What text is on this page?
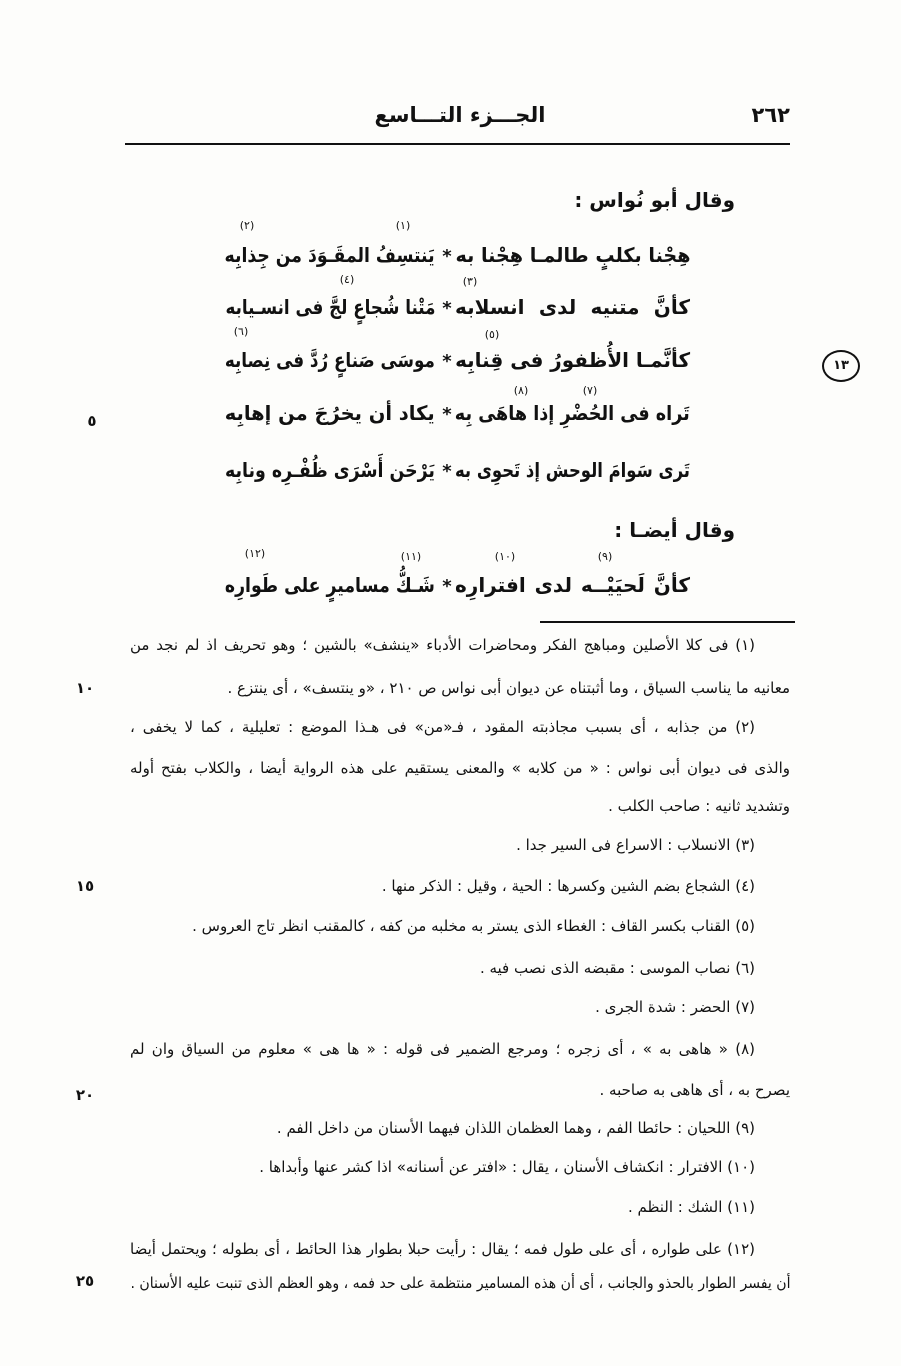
٢٦٢
الجـــزء التـــاسع
١٣
وقال أبو نُواس :
(١)
(٢)
هِجْنا بكلبٍ طالمـا هِجْنا به
*
يَنتسِفُ المقَـوَدَ من جِذابِه
(٣)
(٤)
كأنَّ متنيه لدى انسلابه
*
مَتْنا شُجاعٍ لجَّ فى انسـيابه
(٥)
(٦)
كأنَّمـا الأُظفورُ فى قِنابِه
*
موسَى صَناعٍ رُدَّ فى نِصابِه
(٧)
(٨)
تَراه فى الحُضْرِ إذا هاهَى بِه
*
يكاد أن يخرُجَ من إهابِه
تَرى سَوامَ الوحش إذ تَحوِى به
*
يَرْحَن أَسْرَى ظُفْـرِه ونابِه
وقال أيضـا :
(٩)
(١٠)
(١١)
(١٢)
كأنَّ لَحيَيْــه لدى افترارِه
*
شَـكُّ مساميرٍ على طَوارِه
(١) فى كلا الأصلين ومباهج الفكر ومحاضرات الأدباء «ينشف» بالشين ؛ وهو تحريف اذ لم نجد من
معانيه ما يناسب السياق ، وما أثبتناه عن ديوان أبى نواس ص ٢١٠ ، «و ينتسف» ، أى ينتزع .
(٢) من جذابه ، أى بسبب مجاذبته المقود ، فـ«من» فى هـذا الموضع : تعليلية ، كما لا يخفى ،
والذى فى ديوان أبى نواس : « من كلابه » والمعنى يستقيم على هذه الرواية أيضا ، والكلاب بفتح أوله
وتشديد ثانيه : صاحب الكلب .
(٣) الانسلاب : الاسراع فى السير جدا .
(٤) الشجاع بضم الشين وكسرها : الحية ، وقيل : الذكر منها .
(٥) القناب بكسر القاف : الغطاء الذى يستر به مخلبه من كفه ، كالمقنب انظر تاج العروس .
(٦) نصاب الموسى : مقبضه الذى نصب فيه .
(٧) الحضر : شدة الجرى .
(٨) « هاهى به » ، أى زجره ؛ ومرجع الضمير فى قوله : « ها هى » معلوم من السياق وان لم
يصرح به ، أى هاهى به صاحبه .
(٩) اللحيان : حائطا الفم ، وهما العظمان اللذان فيهما الأسنان من داخل الفم .
(١٠) الافترار : انكشاف الأسنان ، يقال : «افتر عن أسنانه» اذا كشر عنها وأبداها .
(١١) الشك : النظم .
(١٢) على طواره ، أى على طول فمه ؛ يقال : رأيت حبلا بطوار هذا الحائط ، أى بطوله ؛ ويحتمل أيضا
أن يفسر الطوار بالحذو والجانب ، أى أن هذه المسامير منتظمة على حد فمه ، وهو العظم الذى تنبت عليه الأسنان .
٥
١٠
١٥
٢٠
٢٥
